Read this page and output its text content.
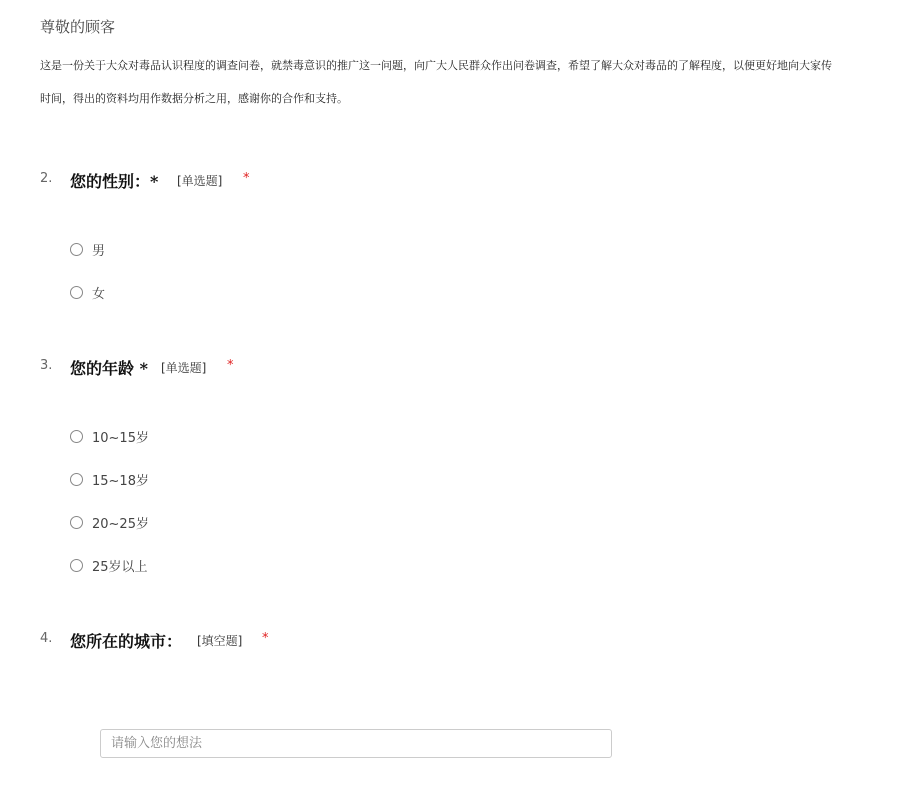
尊敬的顾客

这是一份关于大众对毒品认识程度的调查问卷，就禁毒意识的推广这一问题，向广大人民群众作出问卷调查，希望了解大众对毒品的了解程度，以便更好地向大家传

时间，得出的资料均用作数据分析之用，感谢你的合作和支持。

2. 您的性别：* [单选题] *
男
女
3. 您的年龄 * [单选题] *
10~15岁
15~18岁
20~25岁
25岁以上
4. 您所在的城市： [填空题] *
请输入您的想法
